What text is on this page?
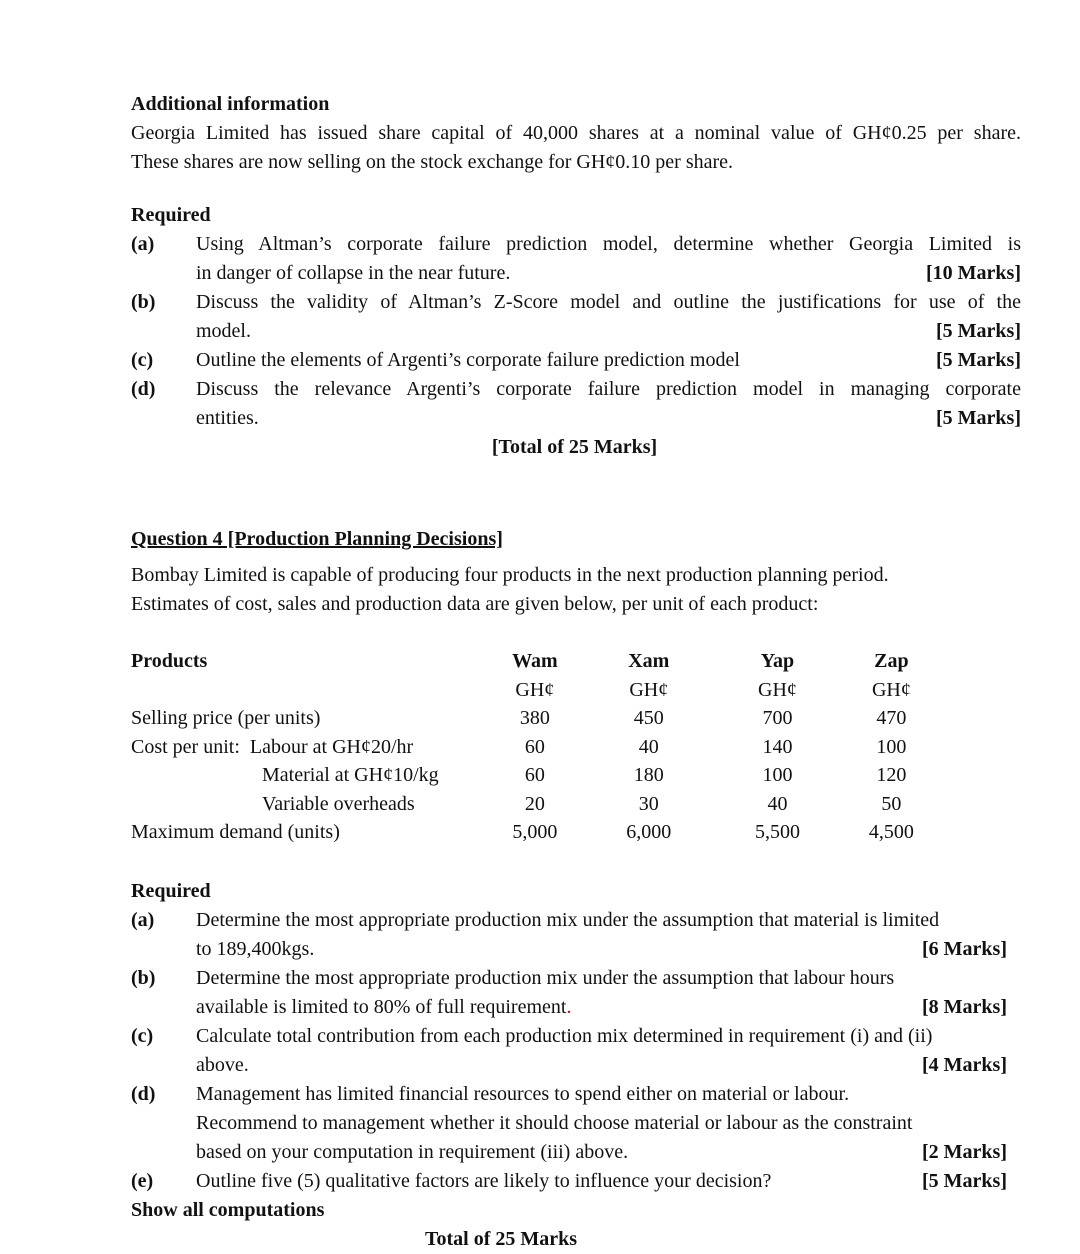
Additional information
Georgia Limited has issued share capital of 40,000 shares at a nominal value of GH¢0.25 per share.
These shares are now selling on the stock exchange for GH¢0.10 per share.
Required
(a)	Using Altman’s corporate failure prediction model, determine whether Georgia Limited is
in danger of collapse in the near future.	[10 Marks]
(b)	Discuss the validity of Altman’s Z-Score model and outline the justifications for use of the
model.	[5 Marks]
(c)	Outline the elements of Argenti’s corporate failure prediction model	[5 Marks]
(d)	Discuss the relevance Argenti’s corporate failure prediction model in managing corporate
entities.	[5 Marks]
[Total of 25 Marks]
Question 4 [Production Planning Decisions]
Bombay Limited is capable of producing four products in the next production planning period.
Estimates of cost, sales and production data are given below, per unit of each product:
Products	Wam	Xam	Yap	Zap
	GH¢	GH¢	GH¢	GH¢
Selling price (per units)	380	450	700	470
Cost per unit:  Labour at GH¢20/hr	60	40	140	100
Material at GH¢10/kg	60	180	100	120
Variable overheads	20	30	40	50
Maximum demand (units)	5,000	6,000	5,500	4,500
Required
(a)	Determine the most appropriate production mix under the assumption that material is limited
to 189,400kgs.	[6 Marks]
(b)	Determine the most appropriate production mix under the assumption that labour hours
available is limited to 80% of full requirement.	[8 Marks]
(c)	Calculate total contribution from each production mix determined in requirement (i) and (ii)
above.	[4 Marks]
(d)	Management has limited financial resources to spend either on material or labour.
Recommend to management whether it should choose material or labour as the constraint
based on your computation in requirement (iii) above.	[2 Marks]
(e)	Outline five (5) qualitative factors are likely to influence your decision?	[5 Marks]
Show all computations
Total of 25 Marks
